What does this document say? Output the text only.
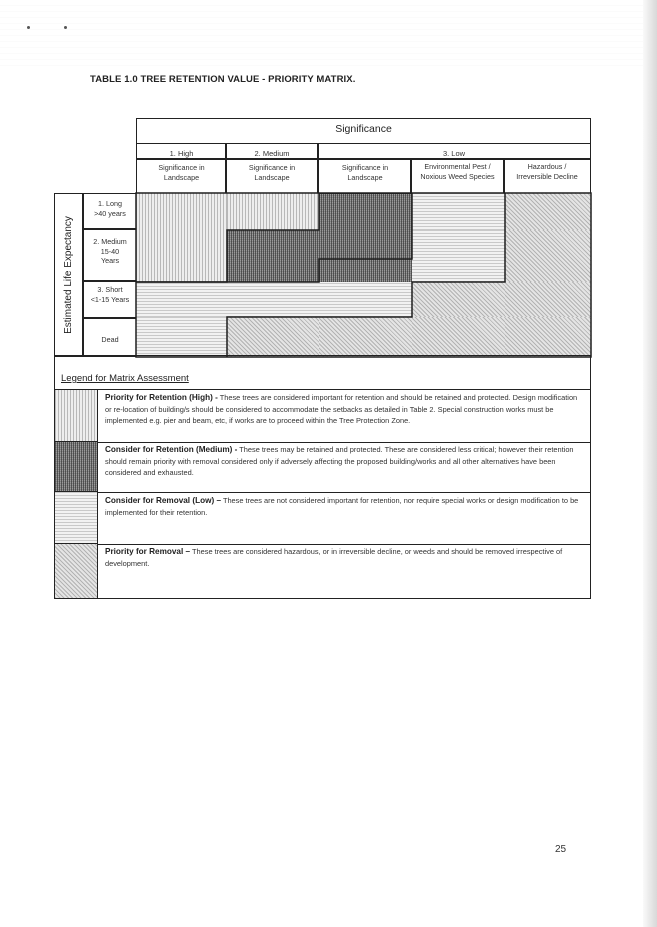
TABLE 1.0 TREE RETENTION VALUE - PRIORITY MATRIX.
Significance
1. High	2. Medium	3. Low
Significance in Landscape
Significance in Landscape
Significance in Landscape
Environmental Pest / Noxious Weed Species
Hazardous / Irreversible Decline
Estimated Life Expectancy
1. Long
>40 years
2. Medium
15-40
Years
3. Short
<1-15 Years
Dead
Legend for Matrix Assessment
Priority for Retention (High) - These trees are considered important for retention and should be retained and protected. Design modification or re-location of building/s should be considered to accommodate the setbacks as detailed in Table 2. Special construction works must be implemented e.g. pier and beam, etc, if works are to proceed within the Tree Protection Zone.
Consider for Retention (Medium) - These trees may be retained and protected. These are considered less critical; however their retention should remain priority with removal considered only if adversely affecting the proposed building/works and all other alternatives have been considered and exhausted.
Consider for Removal (Low) – These trees are not considered important for retention, nor require special works or design modification to be implemented for their retention.
Priority for Removal – These trees are considered hazardous, or in irreversible decline, or weeds and should be removed irrespective of development.
25
